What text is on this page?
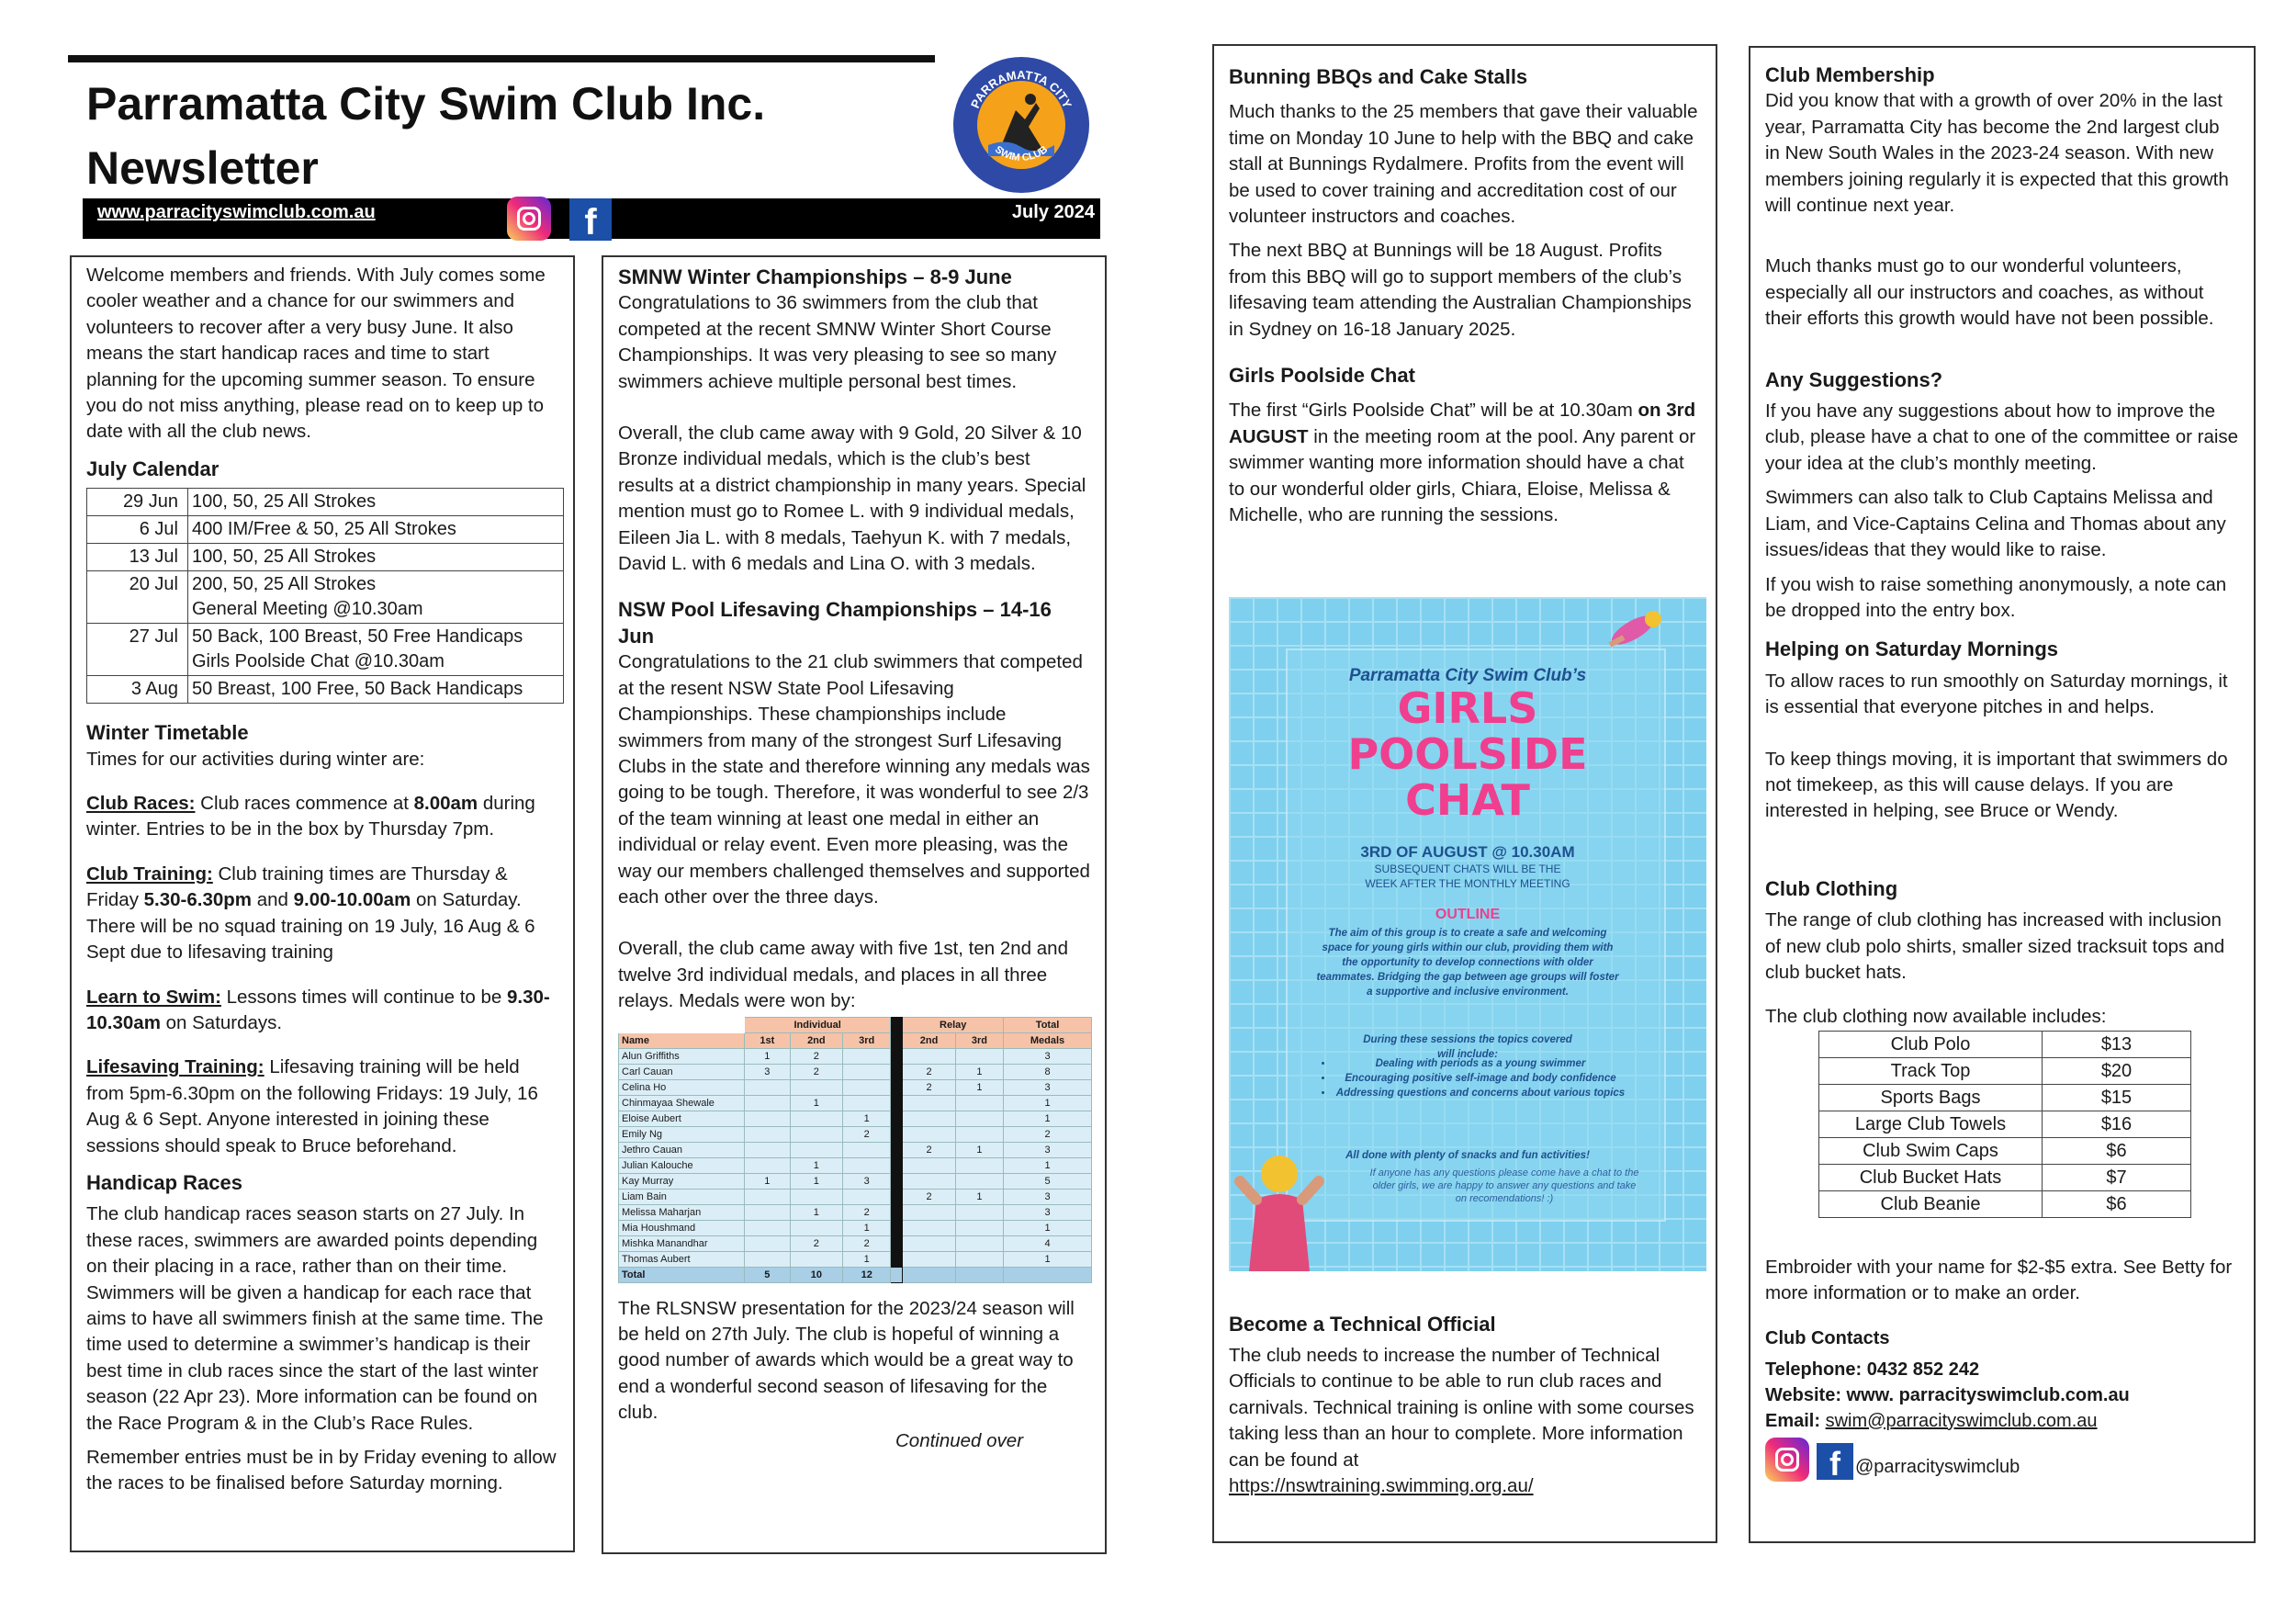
Parramatta City Swim Club Inc.
Newsletter
PARRAMATTA CITY
SWIM CLUB
www.parracityswimclub.com.au	f	July 2024

Welcome members and friends. With July comes some cooler weather and a chance for our swimmers and volunteers to recover after a very busy June. It also means the start handicap races and time to start planning for the upcoming summer season. To ensure you do not miss anything, please read on to keep up to date with all the club news.

July Calendar
29 Jun	100, 50, 25 All Strokes
6 Jul	400 IM/Free & 50, 25 All Strokes
13 Jul	100, 50, 25 All Strokes
20 Jul	200, 50, 25 All Strokes
General Meeting @10.30am

27 Jul	50 Back, 100 Breast, 50 Free Handicaps
Girls Poolside Chat @10.30am

3 Aug	50 Breast, 100 Free, 50 Back Handicaps
Winter Timetable

Times for our activities during winter are:

Club Races: Club races commence at 8.00am during winter. Entries to be in the box by Thursday 7pm.

Club Training: Club training times are Thursday & Friday 5.30-6.30pm and 9.00-10.00am on Saturday. There will be no squad training on 19 July, 16 Aug & 6 Sept due to lifesaving training

Learn to Swim: Lessons times will continue to be 9.30-10.30am on Saturdays.

Lifesaving Training: Lifesaving training will be held from 5pm-6.30pm on the following Fridays: 19 July, 16 Aug & 6 Sept. Anyone interested in joining these sessions should speak to Bruce beforehand.

Handicap Races

The club handicap races season starts on 27 July. In these races, swimmers are awarded points depending on their placing in a race, rather than on their time. Swimmers will be given a handicap for each race that aims to have all swimmers finish at the same time. The time used to determine a swimmer’s handicap is their best time in club races since the start of the last winter season (22 Apr 23). More information can be found on the Race Program & in the Club’s Race Rules.

Remember entries must be in by Friday evening to allow the races to be finalised before Saturday morning.

SMNW Winter Championships – 8-9 June

Congratulations to 36 swimmers from the club that competed at the recent SMNW Winter Short Course Championships. It was very pleasing to see so many swimmers achieve multiple personal best times.

Overall, the club came away with 9 Gold, 20 Silver & 10 Bronze individual medals, which is the club’s best results at a district championship in many years. Special mention must go to Romee L. with 9 individual medals, Eileen Jia L. with 8 medals, Taehyun K. with 7 medals, David L. with 6 medals and Lina O. with 3 medals.

NSW Pool Lifesaving Championships – 14-16 Jun

Congratulations to the 21 club swimmers that competed at the resent NSW State Pool Lifesaving Championships. These championships include swimmers from many of the strongest Surf Lifesaving Clubs in the state and therefore winning any medals was going to be tough. Therefore, it was wonderful to see 2/3 of the team winning at least one medal in either an individual or relay event. Even more pleasing, was the way our members challenged themselves and supported each other over the three days.

Overall, the club came away with five 1st, ten 2nd and twelve 3rd individual medals, and places in all three relays. Medals were won by:

	Individual				Relay		Total
Name	1st	2nd	3rd		2nd	3rd	Medals
Alun Griffiths	1	2					3
Carl Cauan	3	2			2	1	8
Celina Ho					2	1	3
Chinmayaa Shewale		1					1
Eloise Aubert			1				1
Emily Ng			2				2
Jethro Cauan					2	1	3
Julian Kalouche		1					1
Kay Murray	1	1	3				5
Liam Bain					2	1	3
Melissa Maharjan		1	2				3
Mia Houshmand			1				1
Mishka Manandhar		2	2				4
Thomas Aubert			1				1
Total	5	10	12				

The RLSNSW presentation for the 2023/24 season will be held on 27th July. The club is hopeful of winning a good number of awards which would be a great way to end a wonderful second season of lifesaving for the club.

Continued over
Bunning BBQs and Cake Stalls

Much thanks to the 25 members that gave their valuable time on Monday 10 June to help with the BBQ and cake stall at Bunnings Rydalmere. Profits from the event will be used to cover training and accreditation cost of our volunteer instructors and coaches.

The next BBQ at Bunnings will be 18 August. Profits from this BBQ will go to support members of the club’s lifesaving team attending the Australian Championships in Sydney on 16-18 January 2025.

Girls Poolside Chat

The first “Girls Poolside Chat” will be at 10.30am on 3rd AUGUST in the meeting room at the pool. Any parent or swimmer wanting more information should have a chat to our wonderful older girls, Chiara, Eloise, Melissa & Michelle, who are running the sessions.

Parramatta City Swim Club’s
GIRLS
POOLSIDE
CHAT
3RD OF AUGUST @ 10.30AM
SUBSEQUENT CHATS WILL BE THE
WEEK AFTER THE MONTHLY MEETING
OUTLINE
The aim of this group is to create a safe and welcoming space for young girls within our club, providing them with the opportunity to develop connections with older teammates. Bridging the gap between age groups will foster a supportive and inclusive environment.
During these sessions the topics covered will include:
• Dealing with periods as a young swimmer
• Encouraging positive self-image and body confidence
• Addressing questions and concerns about various topics
All done with plenty of snacks and fun activities!
If anyone has any questions please come have a chat to the older girls, we are happy to answer any questions and take on recomendations! :)
Become a Technical Official
The club needs to increase the number of Technical Officials to continue to be able to run club races and carnivals. Technical training is online with some courses taking less than an hour to complete. More information can be found at
https://nswtraining.swimming.org.au/
Club Membership

Did you know that with a growth of over 20% in the last year, Parramatta City has become the 2nd largest club in New South Wales in the 2023-24 season. With new members joining regularly it is expected that this growth will continue next year.

Much thanks must go to our wonderful volunteers, especially all our instructors and coaches, as without their efforts this growth would have not been possible.

Any Suggestions?

If you have any suggestions about how to improve the club, please have a chat to one of the committee or raise your idea at the club’s monthly meeting.

Swimmers can also talk to Club Captains Melissa and Liam, and Vice-Captains Celina and Thomas about any issues/ideas that they would like to raise.

If you wish to raise something anonymously, a note can be dropped into the entry box.

Helping on Saturday Mornings

To allow races to run smoothly on Saturday mornings, it is essential that everyone pitches in and helps.

To keep things moving, it is important that swimmers do not timekeep, as this will cause delays. If you are interested in helping, see Bruce or Wendy.

Club Clothing

The range of club clothing has increased with inclusion of new club polo shirts, smaller sized tracksuit tops and club bucket hats.

The club clothing now available includes:

Club Polo	$13
Track Top	$20
Sports Bags	$15
Large Club Towels	$16
Club Swim Caps	$6
Club Bucket Hats	$7
Club Beanie	$6

Embroider with your name for $2-$5 extra. See Betty for more information or to make an order.

Club Contacts
Telephone: 0432 852 242
Website: www. parracityswimclub.com.au
Email: swim@parracityswimclub.com.au
f @parracityswimclub
